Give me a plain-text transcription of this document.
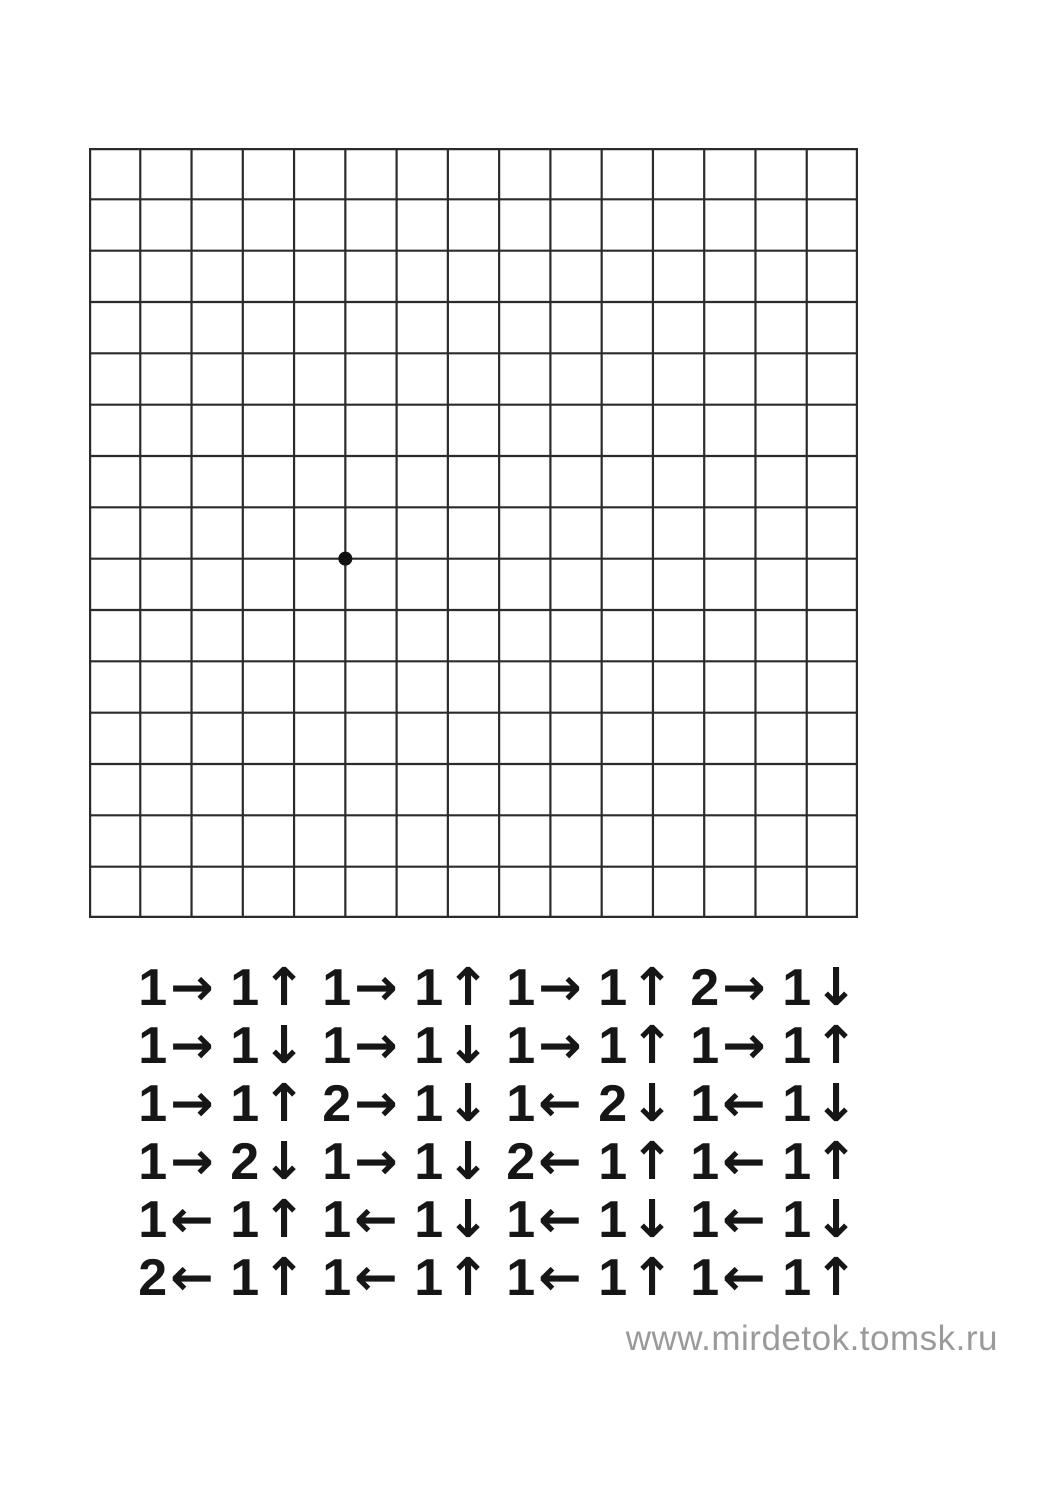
1 → 1 ↑ 1 → 1 ↑ 1 → 1 ↑ 2 → 1 ↓
1 → 1 ↓ 1 → 1 ↓ 1 → 1 ↑ 1 → 1 ↑
1 → 1 ↑ 2 → 1 ↓ 1 ← 2 ↓ 1 ← 1 ↓
1 → 2 ↓ 1 → 1 ↓ 2 ← 1 ↑ 1 ← 1 ↑
1 ← 1 ↑ 1 ← 1 ↓ 1 ← 1 ↓ 1 ← 1 ↓
2 ← 1 ↑ 1 ← 1 ↑ 1 ← 1 ↑ 1 ← 1 ↑
www.mirdetok.tomsk.ru
